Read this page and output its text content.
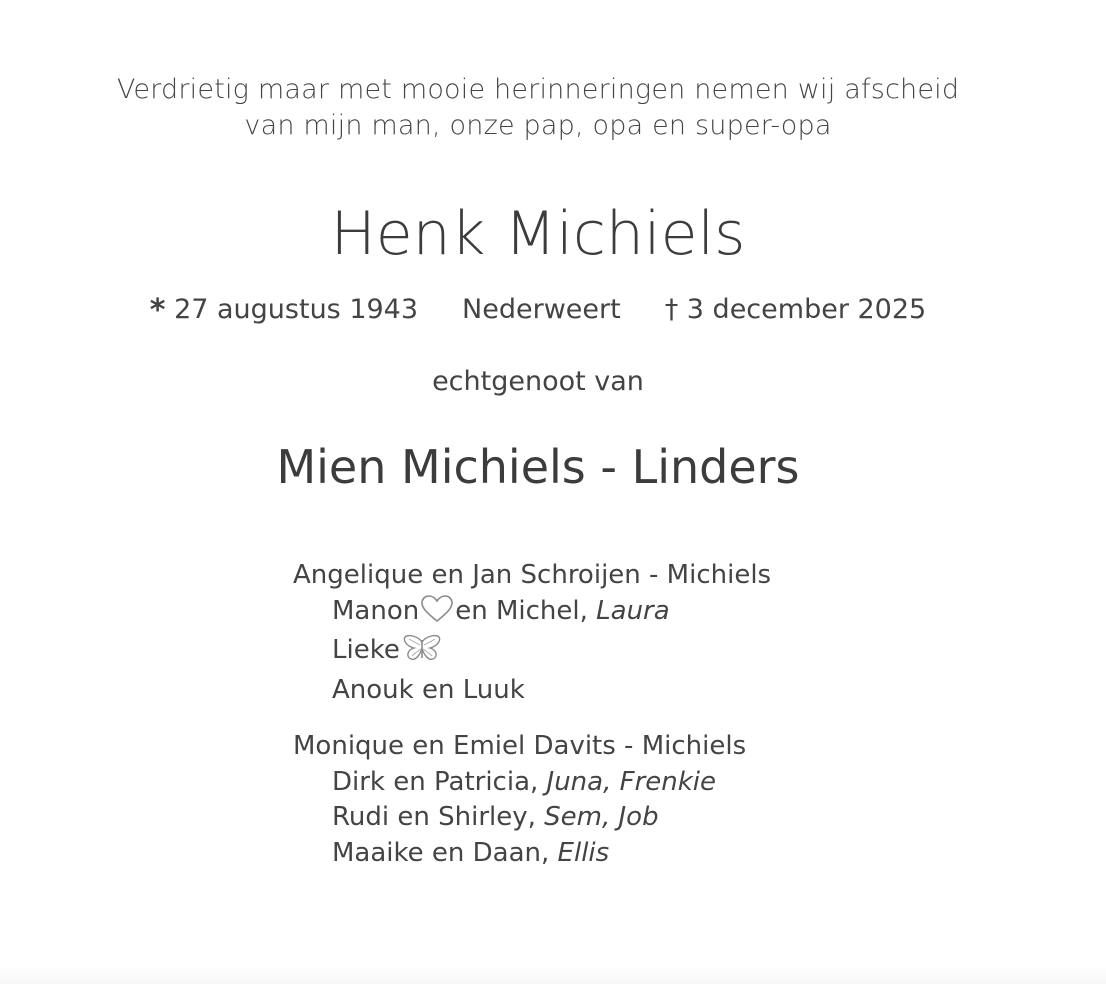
Verdrietig maar met mooie herinneringen nemen wij afscheid
van mijn man, onze pap, opa en super-opa
Henk Michiels
* 27 augustus 1943 Nederweert † 3 december 2025
echtgenoot van
Mien Michiels - Linders
Angelique en Jan Schroijen - Michiels
Manon en Michel, Laura
Lieke
Anouk en Luuk
Monique en Emiel Davits - Michiels
Dirk en Patricia, Juna, Frenkie
Rudi en Shirley, Sem, Job
Maaike en Daan, Ellis
